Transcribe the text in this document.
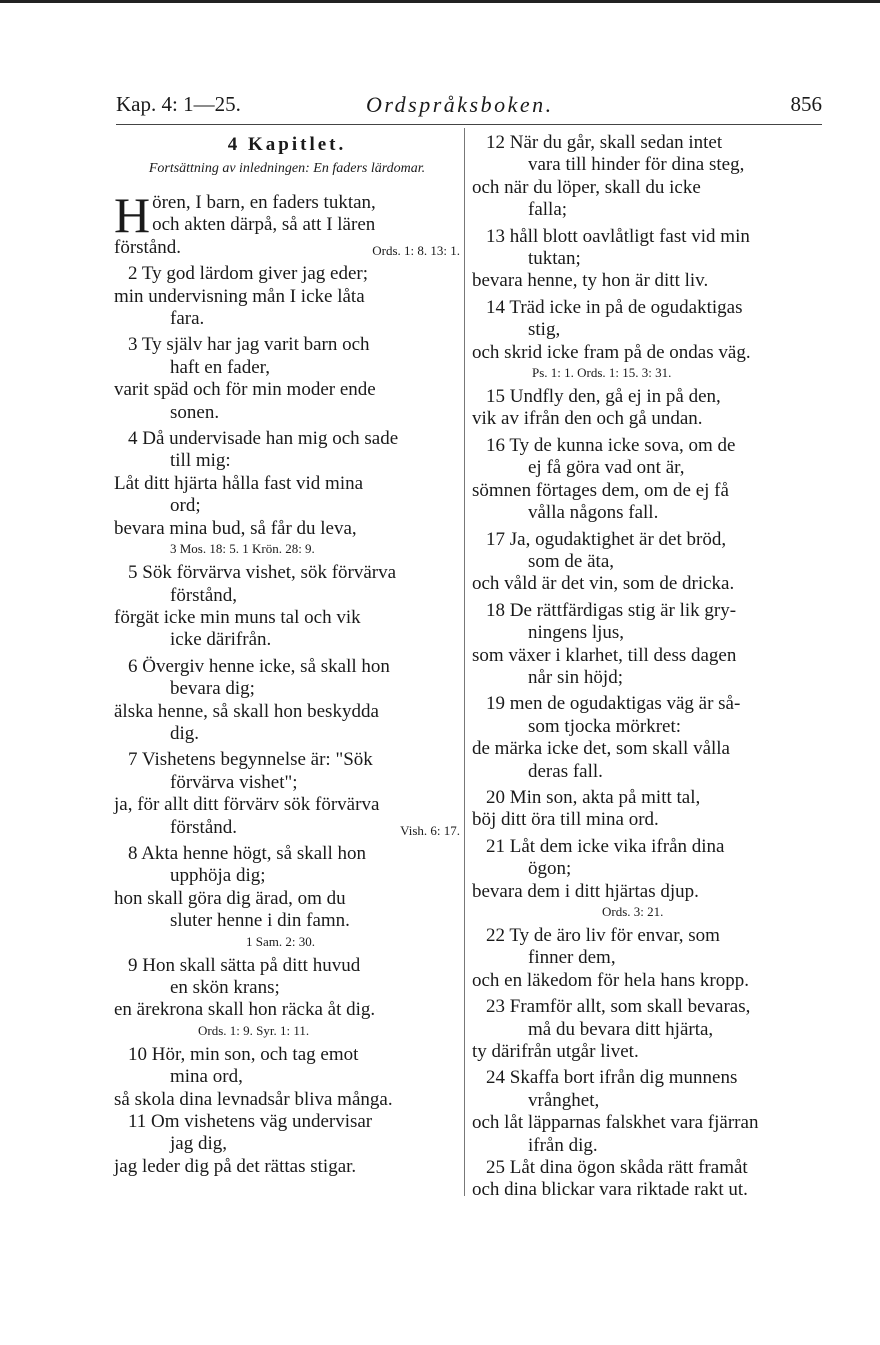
Kap. 4: 1—25.	Ordspråksboken.	856
4 Kapitlet.
Fortsättning av inledningen: En faders lärdomar.
H ören, I barn, en faders tuktan,
och akten därpå, så att I lären
förstånd.	Ords. 1: 8. 13: 1.
2 Ty god lärdom giver jag eder;
min undervisning mån I icke låta
fara.
3 Ty själv har jag varit barn och
haft en fader,
varit späd och för min moder ende
sonen.
4 Då undervisade han mig och sade
till mig:
Låt ditt hjärta hålla fast vid mina
ord;
bevara mina bud, så får du leva,
3 Mos. 18: 5. 1 Krön. 28: 9.
5 Sök förvärva vishet, sök förvärva
förstånd,
förgät icke min muns tal och vik
icke därifrån.
6 Övergiv henne icke, så skall hon
bevara dig;
älska henne, så skall hon beskydda
dig.
7 Vishetens begynnelse är: "Sök
förvärva vishet";
ja, för allt ditt förvärv sök förvärva
förstånd.	Vish. 6: 17.
8 Akta henne högt, så skall hon
upphöja dig;
hon skall göra dig ärad, om du
sluter henne i din famn.
1 Sam. 2: 30.
9 Hon skall sätta på ditt huvud
en skön krans;
en ärekrona skall hon räcka åt dig.
Ords. 1: 9. Syr. 1: 11.
10 Hör, min son, och tag emot
mina ord,
så skola dina levnadsår bliva många.
11 Om vishetens väg undervisar
jag dig,
jag leder dig på det rättas stigar.
12 När du går, skall sedan intet
vara till hinder för dina steg,
och när du löper, skall du icke
falla;
13 håll blott oavlåtligt fast vid min
tuktan;
bevara henne, ty hon är ditt liv.
14 Träd icke in på de ogudaktigas
stig,
och skrid icke fram på de ondas väg.
Ps. 1: 1. Ords. 1: 15. 3: 31.
15 Undfly den, gå ej in på den,
vik av ifrån den och gå undan.
16 Ty de kunna icke sova, om de
ej få göra vad ont är,
sömnen förtages dem, om de ej få
vålla någons fall.
17 Ja, ogudaktighet är det bröd,
som de äta,
och våld är det vin, som de dricka.
18 De rättfärdigas stig är lik gry-
ningens ljus,
som växer i klarhet, till dess dagen
når sin höjd;
19 men de ogudaktigas väg är så-
som tjocka mörkret:
de märka icke det, som skall vålla
deras fall.
20 Min son, akta på mitt tal,
böj ditt öra till mina ord.
21 Låt dem icke vika ifrån dina
ögon;
bevara dem i ditt hjärtas djup.
Ords. 3: 21.
22 Ty de äro liv för envar, som
finner dem,
och en läkedom för hela hans kropp.
23 Framför allt, som skall bevaras,
må du bevara ditt hjärta,
ty därifrån utgår livet.
24 Skaffa bort ifrån dig munnens
vrånghet,
och låt läpparnas falskhet vara fjärran
ifrån dig.
25 Låt dina ögon skåda rätt framåt
och dina blickar vara riktade rakt ut.
